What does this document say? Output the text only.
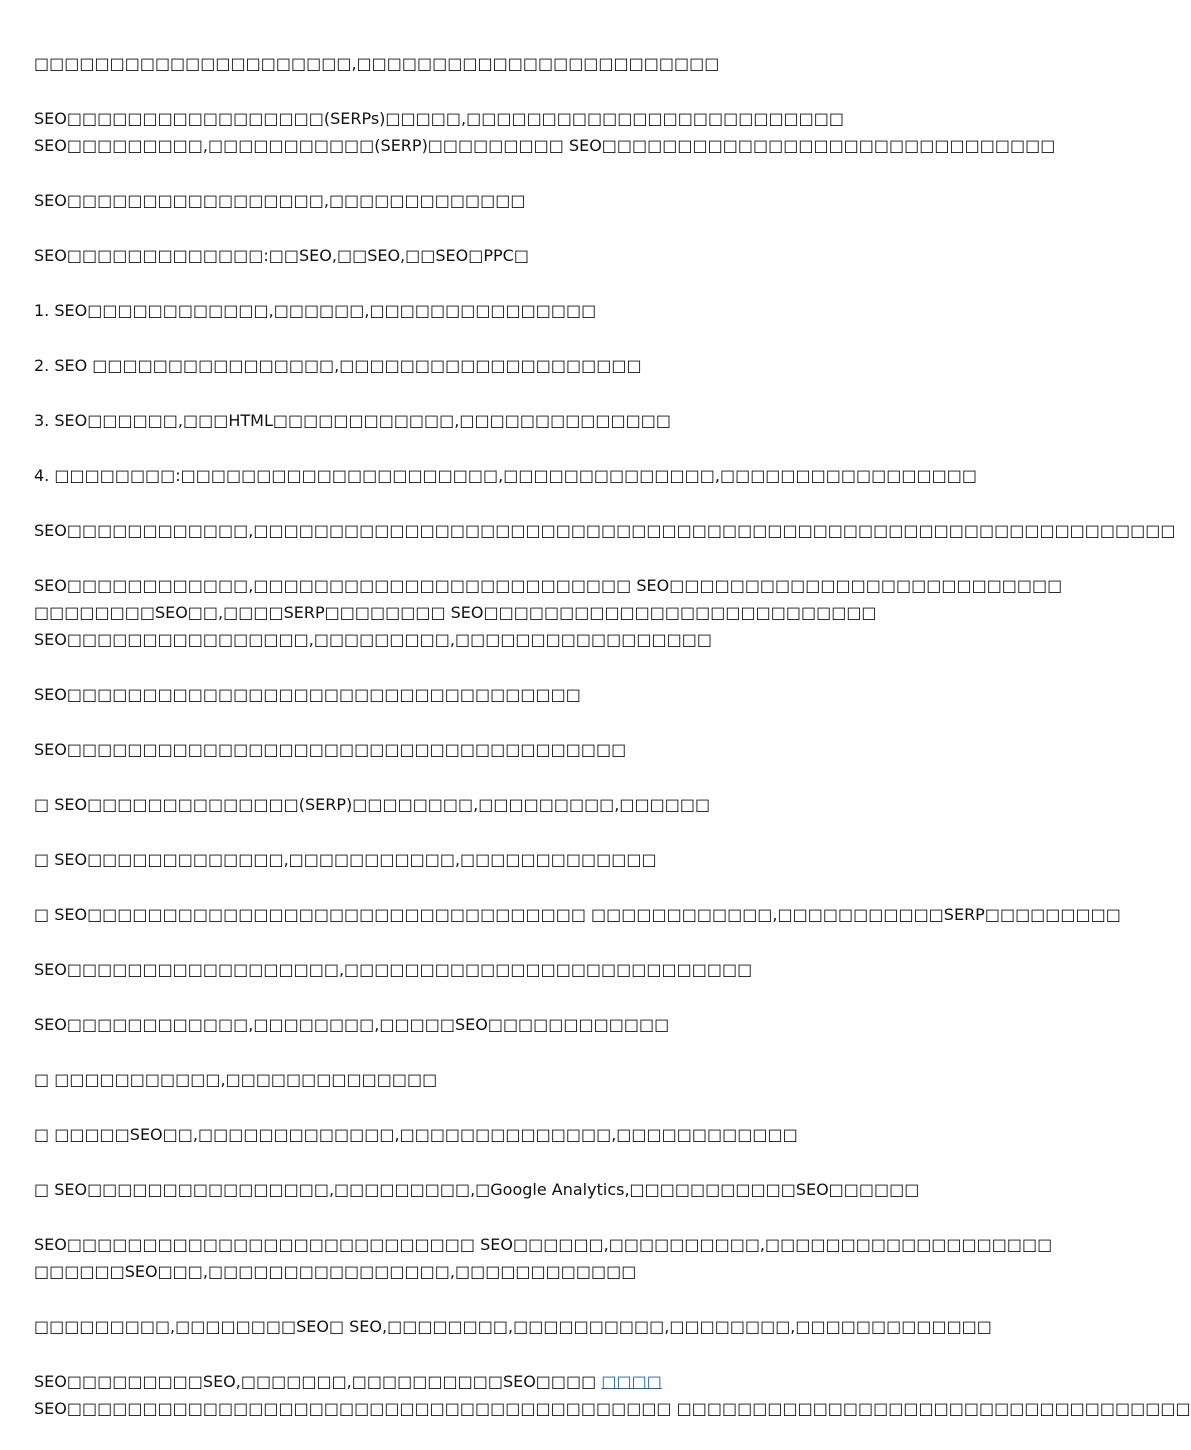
□□□□□□□□□□□□□□□□□□□□□,□□□□□□□□□□□□□□□□□□□□□□□□

SEO□□□□□□□□□□□□□□□□□(SERPs)□□□□□,□□□□□□□□□□□□□□□□□□□□□□□□□
SEO□□□□□□□□□,□□□□□□□□□□□(SERP)□□□□□□□□□ SEO□□□□□□□□□□□□□□□□□□□□□□□□□□□□□□

SEO□□□□□□□□□□□□□□□□□,□□□□□□□□□□□□□

SEO□□□□□□□□□□□□□:□□SEO,□□SEO,□□SEO□PPC□

1. SEO□□□□□□□□□□□□,□□□□□□,□□□□□□□□□□□□□□□

2. SEO □□□□□□□□□□□□□□□□,□□□□□□□□□□□□□□□□□□□□

3. SEO□□□□□□,□□□HTML□□□□□□□□□□□□,□□□□□□□□□□□□□□

4. □□□□□□□□:□□□□□□□□□□□□□□□□□□□□□,□□□□□□□□□□□□□□,□□□□□□□□□□□□□□□□□

SEO□□□□□□□□□□□□,□□□□□□□□□□□□□□□□□□□□□□□□□□□□□□□□□□□□□□□□□□□□□□□□□□□□□□□□□□□□□

SEO□□□□□□□□□□□□,□□□□□□□□□□□□□□□□□□□□□□□□□ SEO□□□□□□□□□□□□□□□□□□□□□□□□□□
□□□□□□□□SEO□□,□□□□SERP□□□□□□□□ SEO□□□□□□□□□□□□□□□□□□□□□□□□□□
SEO□□□□□□□□□□□□□□□□,□□□□□□□□□,□□□□□□□□□□□□□□□□□

SEO□□□□□□□□□□□□□□□□□□□□□□□□□□□□□□□□□□

SEO□□□□□□□□□□□□□□□□□□□□□□□□□□□□□□□□□□□□□

□ SEO□□□□□□□□□□□□□□(SERP)□□□□□□□□,□□□□□□□□□,□□□□□□

□ SEO□□□□□□□□□□□□□,□□□□□□□□□□□,□□□□□□□□□□□□□

□ SEO□□□□□□□□□□□□□□□□□□□□□□□□□□□□□□□□□ □□□□□□□□□□□□,□□□□□□□□□□□SERP□□□□□□□□□

SEO□□□□□□□□□□□□□□□□□□,□□□□□□□□□□□□□□□□□□□□□□□□□□□

SEO□□□□□□□□□□□□,□□□□□□□□,□□□□□SEO□□□□□□□□□□□□

□ □□□□□□□□□□□,□□□□□□□□□□□□□□

□ □□□□□SEO□□,□□□□□□□□□□□□□,□□□□□□□□□□□□□□,□□□□□□□□□□□□

□ SEO□□□□□□□□□□□□□□□□,□□□□□□□□□,□Google Analytics,□□□□□□□□□□□SEO□□□□□□

SEO□□□□□□□□□□□□□□□□□□□□□□□□□□□ SEO□□□□□□,□□□□□□□□□□,□□□□□□□□□□□□□□□□□□□
□□□□□□SEO□□□,□□□□□□□□□□□□□□□□,□□□□□□□□□□□□

□□□□□□□□□,□□□□□□□□SEO□ SEO,□□□□□□□□,□□□□□□□□□□,□□□□□□□□,□□□□□□□□□□□□□

SEO□□□□□□□□□SEO,□□□□□□□,□□□□□□□□□□SEO□□□□ □□□□
SEO□□□□□□□□□□□□□□□□□□□□□□□□□□□□□□□□□□□□□□□□ □□□□□□□□□□□□□□□□□□□□□□□□□□□□□□□□□□
